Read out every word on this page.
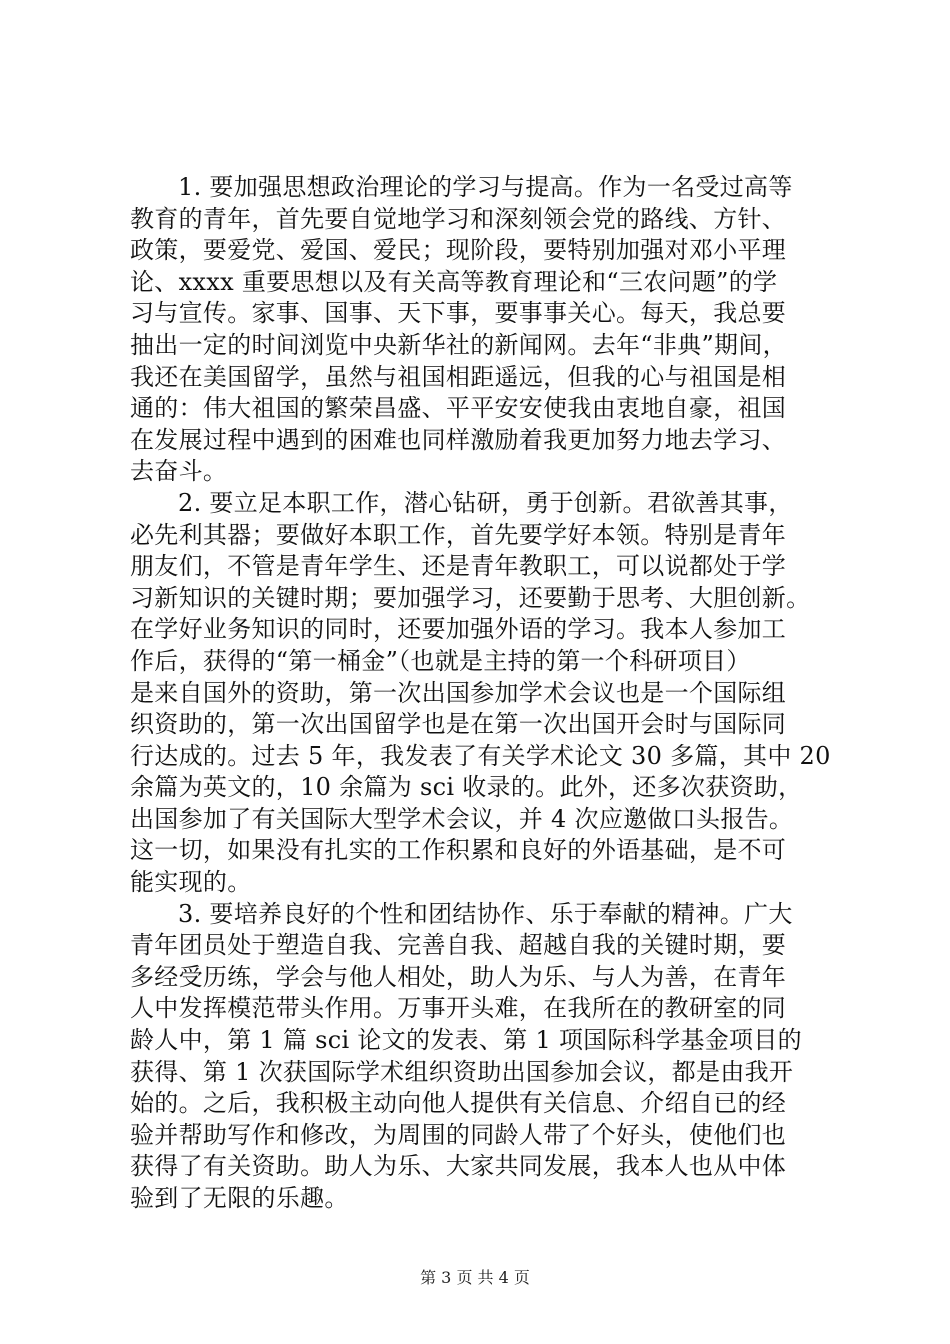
1. 要加强思想政治理论的学习与提高。作为一名受过高等
教育的青年，首先要自觉地学习和深刻领会党的路线、方针、
政策，要爱党、爱国、爱民；现阶段，要特别加强对邓小平理
论、xxxx 重要思想以及有关高等教育理论和“三农问题”的学
习与宣传。家事、国事、天下事，要事事关心。每天，我总要
抽出一定的时间浏览中央新华社的新闻网。去年“非典”期间，
我还在美国留学，虽然与祖国相距遥远，但我的心与祖国是相
通的：伟大祖国的繁荣昌盛、平平安安使我由衷地自豪，祖国
在发展过程中遇到的困难也同样激励着我更加努力地去学习、
去奋斗。
2. 要立足本职工作，潜心钻研，勇于创新。君欲善其事，
必先利其器；要做好本职工作，首先要学好本领。特别是青年
朋友们，不管是青年学生、还是青年教职工，可以说都处于学
习新知识的关键时期；要加强学习，还要勤于思考、大胆创新。
在学好业务知识的同时，还要加强外语的学习。我本人参加工
作后，获得的“第一桶金”（也就是主持的第一个科研项目）
是来自国外的资助，第一次出国参加学术会议也是一个国际组
织资助的，第一次出国留学也是在第一次出国开会时与国际同
行达成的。过去 5 年，我发表了有关学术论文 30 多篇，其中 20
余篇为英文的，10 余篇为 sci 收录的。此外，还多次获资助，
出国参加了有关国际大型学术会议，并 4 次应邀做口头报告。
这一切，如果没有扎实的工作积累和良好的外语基础，是不可
能实现的。
3. 要培养良好的个性和团结协作、乐于奉献的精神。广大
青年团员处于塑造自我、完善自我、超越自我的关键时期，要
多经受历练，学会与他人相处，助人为乐、与人为善，在青年
人中发挥模范带头作用。万事开头难，在我所在的教研室的同
龄人中，第 1 篇 sci 论文的发表、第 1 项国际科学基金项目的
获得、第 1 次获国际学术组织资助出国参加会议，都是由我开
始的。之后，我积极主动向他人提供有关信息、介绍自已的经
验并帮助写作和修改，为周围的同龄人带了个好头，使他们也
获得了有关资助。助人为乐、大家共同发展，我本人也从中体
验到了无限的乐趣。
第 3 页 共 4 页
